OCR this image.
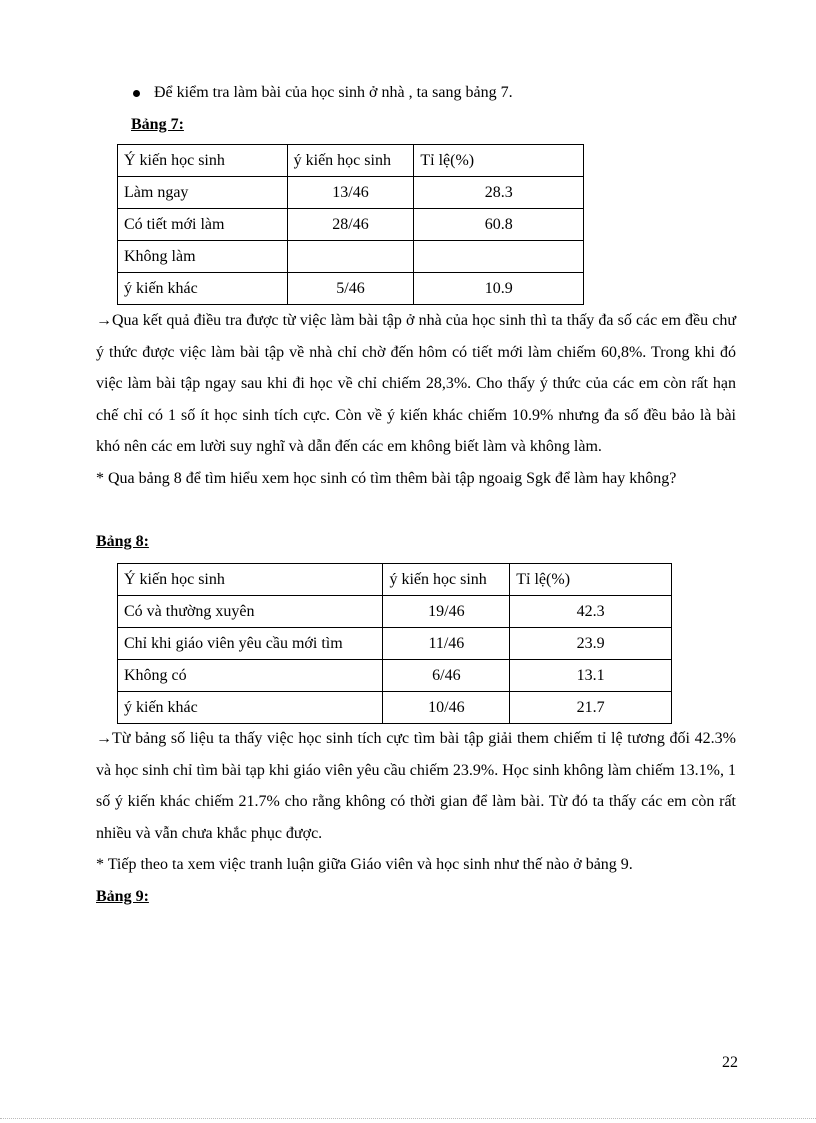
Để kiểm tra làm bài của học sinh ở nhà , ta sang bảng 7.
Bảng 7:
Ý kiến học sinh	ý kiến học sinh	Tỉ lệ(%)
Làm ngay	13/46	28.3
Có tiết mới làm	28/46	60.8
Không làm		
ý kiến khác	5/46	10.9

→Qua kết quả điều tra được từ việc làm bài tập ở nhà của học sinh thì ta thấy đa số các em đều chư ý thức được việc làm bài tập về nhà chỉ chờ đến hôm có tiết mới làm chiếm 60,8%. Trong khi đó việc làm bài tập ngay sau khi đi học về chỉ chiếm 28,3%. Cho thấy ý thức của các em còn rất hạn chế chỉ có 1 số ít học sinh tích cực. Còn về ý kiến khác chiếm 10.9% nhưng đa số đều bảo là bài khó nên các em lười suy nghĩ và dẫn đến các em không biết làm và không làm.

* Qua bảng 8 để tìm hiểu xem học sinh có tìm thêm bài tập ngoaig Sgk để làm hay không?

Bảng 8:
Ý kiến học sinh	ý kiến học sinh	Tỉ lệ(%)
Có và thường xuyên	19/46	42.3
Chỉ khi giáo viên yêu cầu mới tìm	11/46	23.9
Không có	6/46	13.1
ý kiến khác	10/46	21.7

→Từ bảng số liệu ta thấy việc học sinh tích cực tìm bài tập giải them chiếm tỉ lệ tương đối 42.3% và học sinh chỉ tìm bài tạp khi giáo viên yêu cầu chiếm 23.9%. Học sinh không làm chiếm 13.1%, 1 số ý kiến khác chiếm 21.7% cho rằng không có thời gian để làm bài. Từ đó ta thấy các em còn rất nhiều và vẫn chưa khắc phục được.

* Tiếp theo ta xem việc tranh luận giữa Giáo viên và học sinh như thế nào ở bảng 9.

Bảng 9:
22
